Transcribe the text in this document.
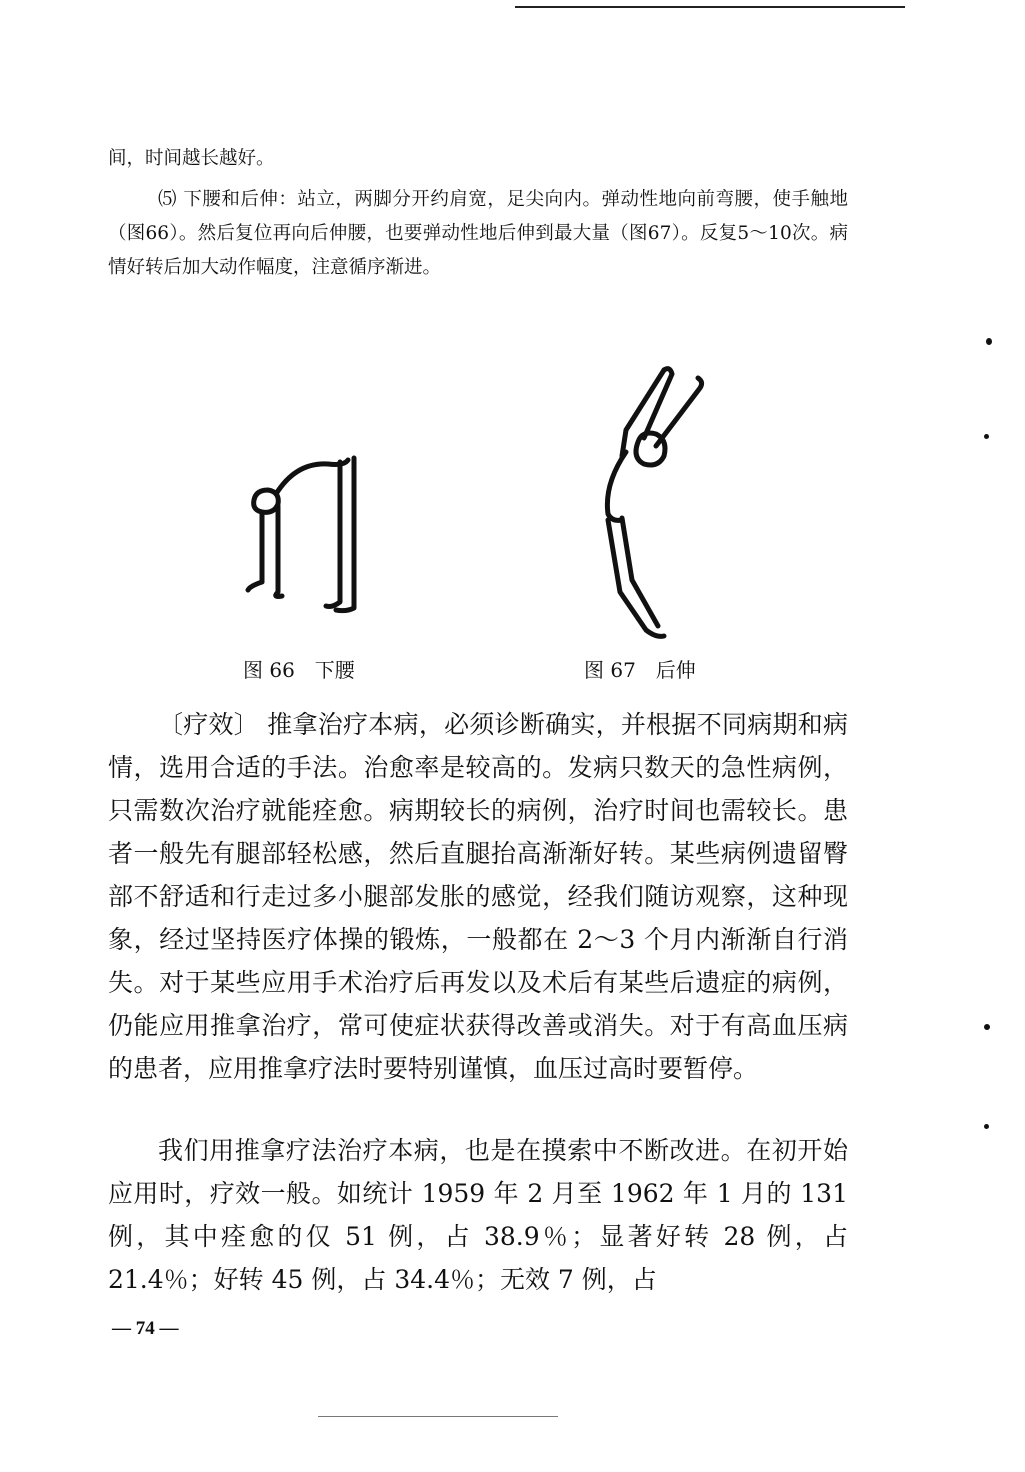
间，时间越长越好。

⑸ 下腰和后伸：站立，两脚分开约肩宽，足尖向内。弹动性地向前弯腰，使手触地（图66）。然后复位再向后伸腰，也要弹动性地后伸到最大量（图67）。反复5～10次。病情好转后加大动作幅度，注意循序渐进。

图 66　下腰	图 67　后伸

〔疗效〕 推拿治疗本病，必须诊断确实，并根据不同病期和病情，选用合适的手法。治愈率是较高的。发病只数天的急性病例，只需数次治疗就能痊愈。病期较长的病例，治疗时间也需较长。患者一般先有腿部轻松感，然后直腿抬高渐渐好转。某些病例遗留臀部不舒适和行走过多小腿部发胀的感觉，经我们随访观察，这种现象，经过坚持医疗体操的锻炼，一般都在 2～3 个月内渐渐自行消失。对于某些应用手术治疗后再发以及术后有某些后遗症的病例，仍能应用推拿治疗，常可使症状获得改善或消失。对于有高血压病的患者，应用推拿疗法时要特别谨慎，血压过高时要暂停。

我们用推拿疗法治疗本病，也是在摸索中不断改进。在初开始应用时，疗效一般。如统计 1959 年 2 月至 1962 年 1 月的 131 例，其中痊愈的仅 51 例，占 38.9％；显著好转 28 例，占 21.4％；好转 45 例，占 34.4％；无效 7 例，占

— 74 —
